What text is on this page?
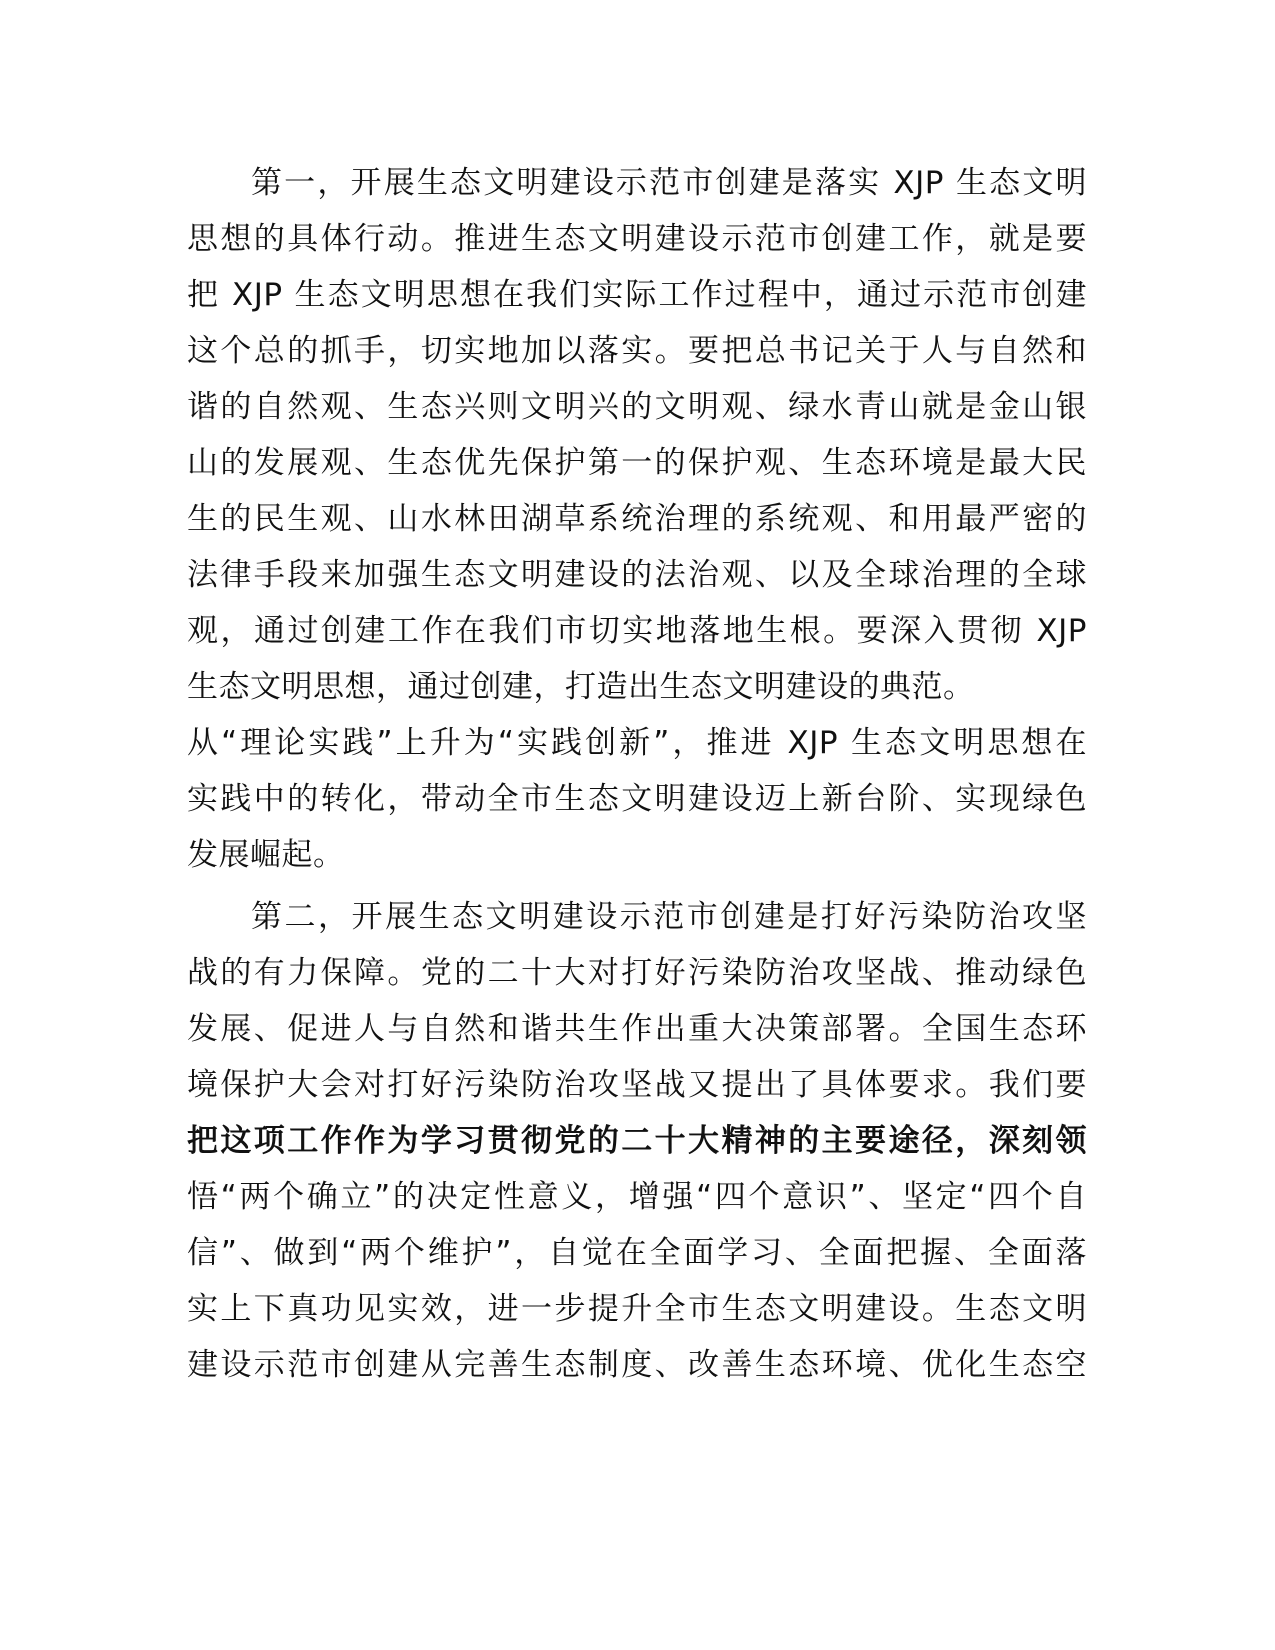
第一，开展生态文明建设示范市创建是落实 XJP 生态文明
思想的具体行动。推进生态文明建设示范市创建工作，就是要
把 XJP 生态文明思想在我们实际工作过程中，通过示范市创建
这个总的抓手，切实地加以落实。要把总书记关于人与自然和
谐的自然观、生态兴则文明兴的文明观、绿水青山就是金山银
山的发展观、生态优先保护第一的保护观、生态环境是最大民
生的民生观、山水林田湖草系统治理的系统观、和用最严密的
法律手段来加强生态文明建设的法治观、以及全球治理的全球
观，通过创建工作在我们市切实地落地生根。要深入贯彻 XJP
生态文明思想，通过创建，打造出生态文明建设的典范。
从“理论实践”上升为“实践创新”，推进 XJP 生态文明思想在
实践中的转化，带动全市生态文明建设迈上新台阶、实现绿色
发展崛起。
第二，开展生态文明建设示范市创建是打好污染防治攻坚
战的有力保障。党的二十大对打好污染防治攻坚战、推动绿色
发展、促进人与自然和谐共生作出重大决策部署。全国生态环
境保护大会对打好污染防治攻坚战又提出了具体要求。我们要
把这项工作作为学习贯彻党的二十大精神的主要途径，深刻领
悟“两个确立”的决定性意义，增强“四个意识”、坚定“四个自
信”、做到“两个维护”，自觉在全面学习、全面把握、全面落
实上下真功见实效，进一步提升全市生态文明建设。生态文明
建设示范市创建从完善生态制度、改善生态环境、优化生态空
